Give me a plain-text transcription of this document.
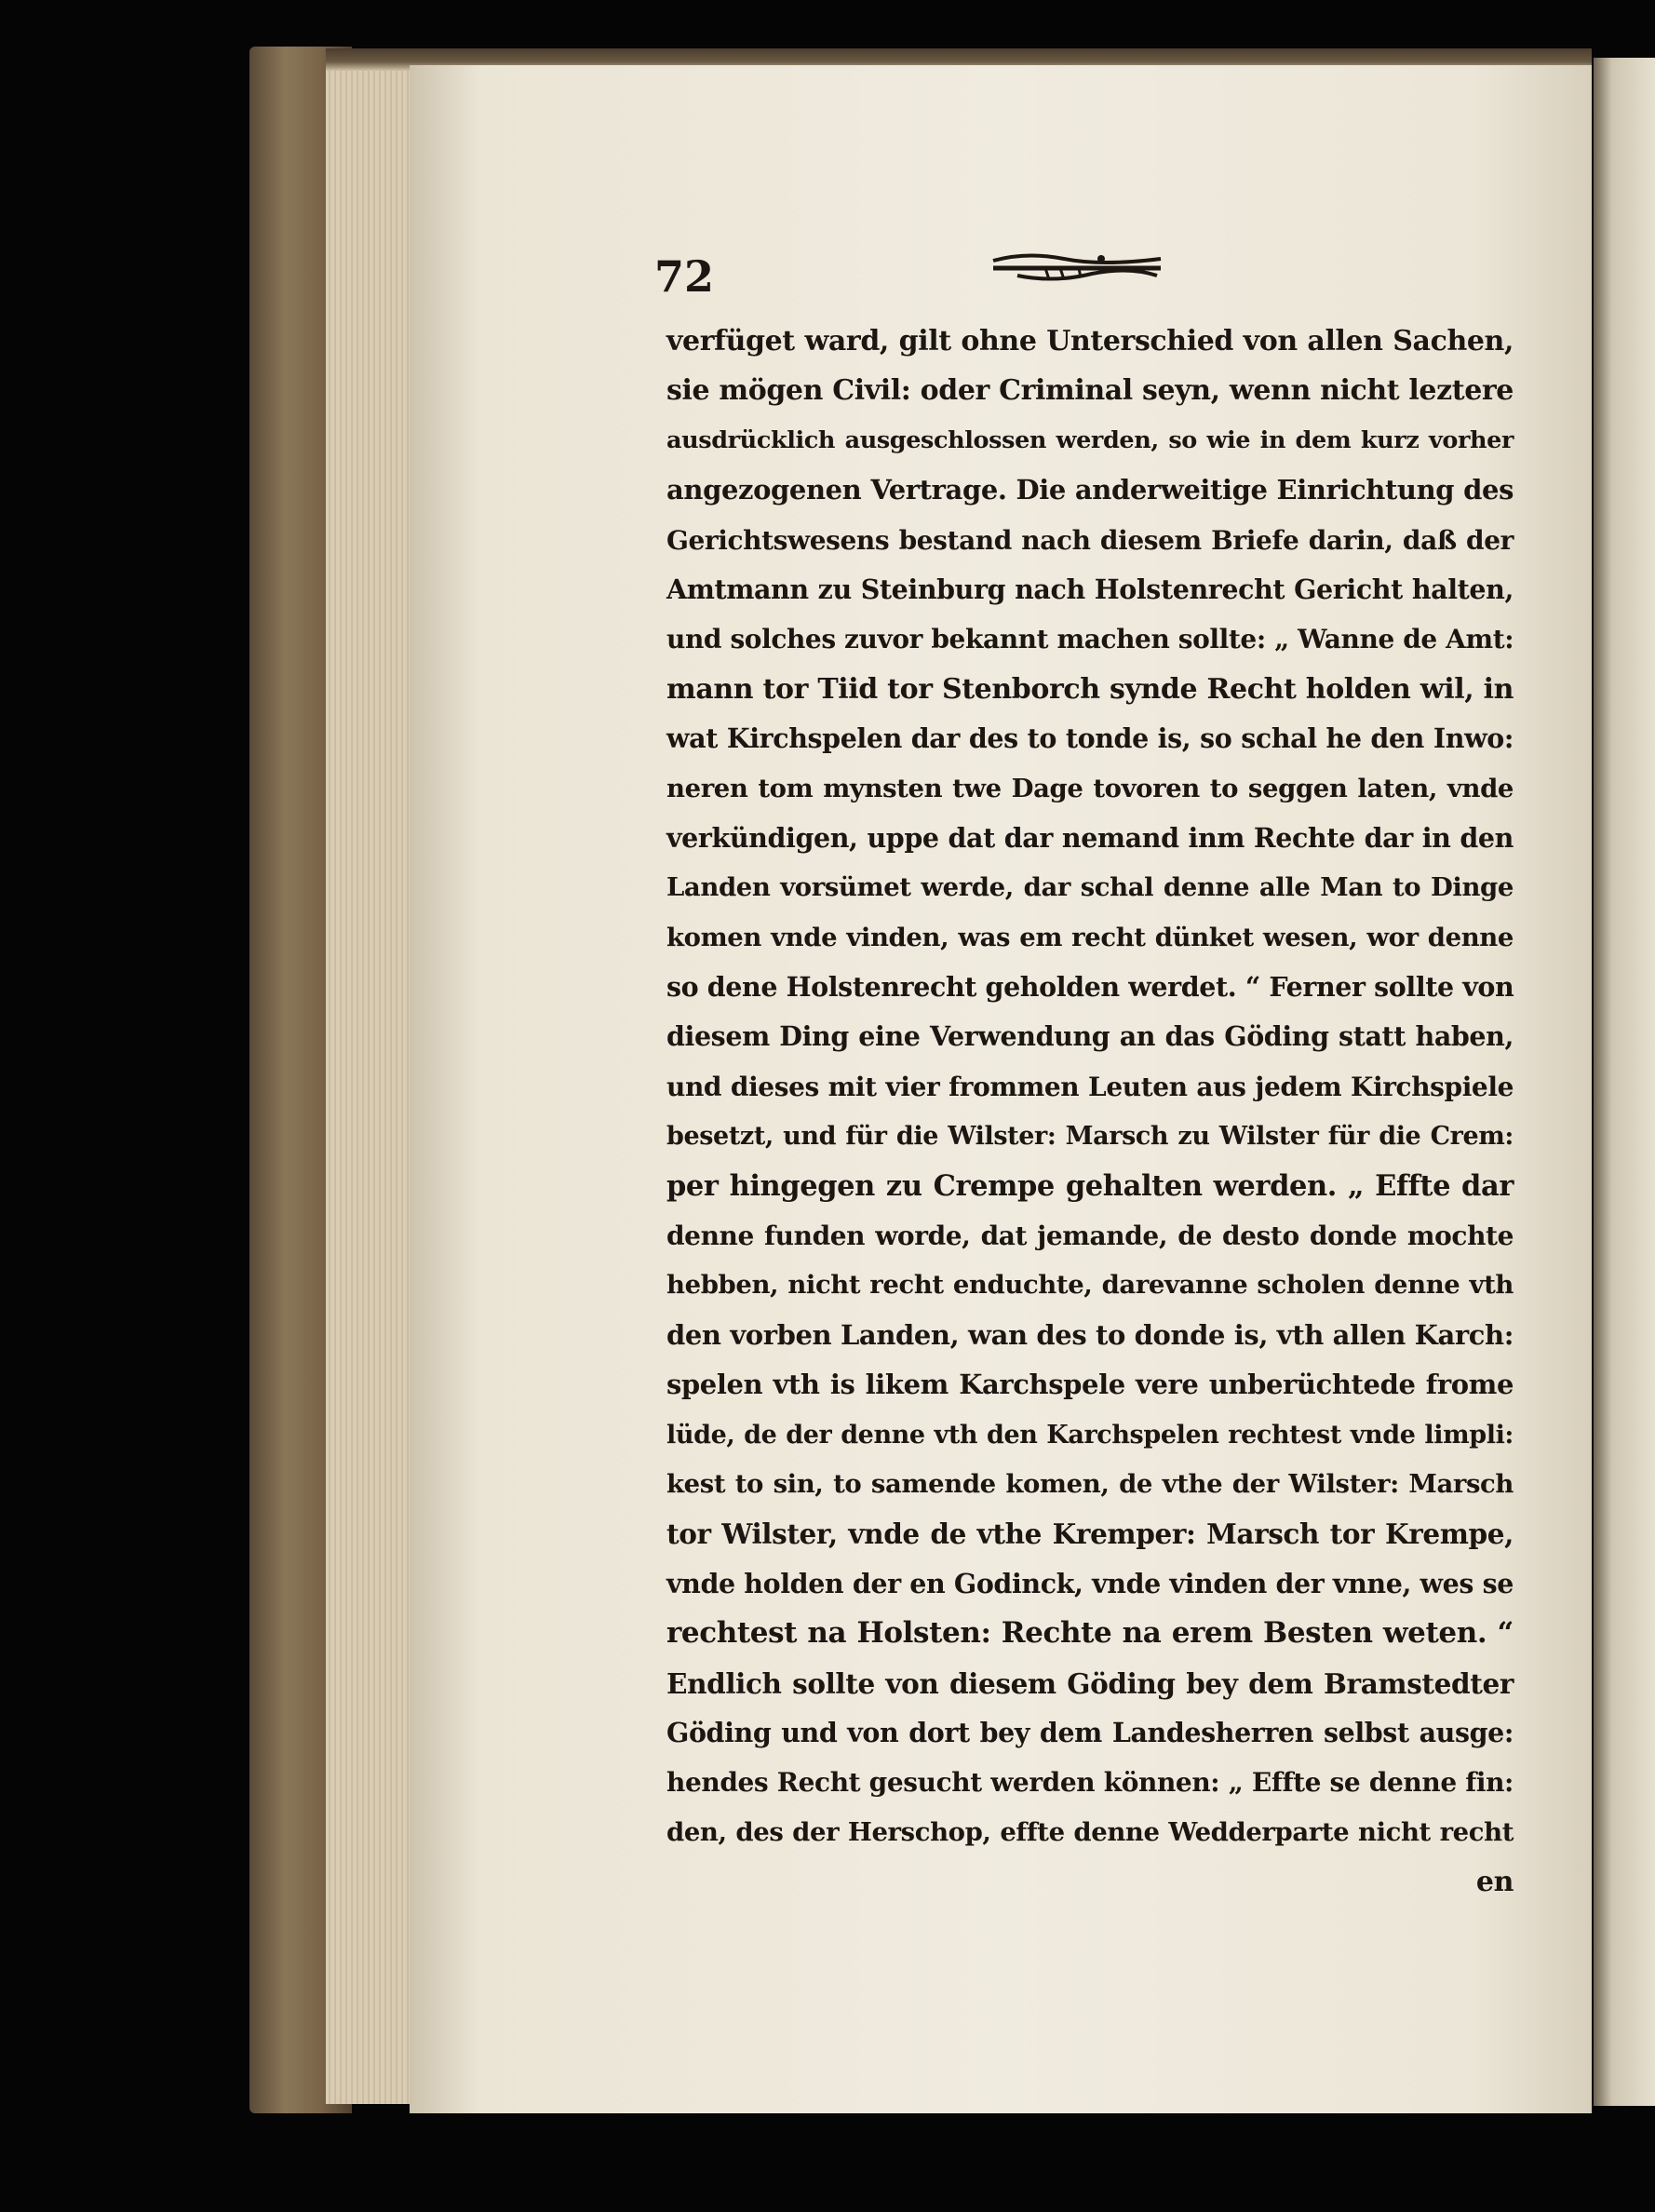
72
verfüget ward, gilt ohne Unterschied von allen Sachen,
sie mögen Civil: oder Criminal seyn, wenn nicht leztere
ausdrücklich ausgeschlossen werden, so wie in dem kurz vorher
angezogenen Vertrage. Die anderweitige Einrichtung des
Gerichtswesens bestand nach diesem Briefe darin, daß der
Amtmann zu Steinburg nach Holstenrecht Gericht halten,
und solches zuvor bekannt machen sollte: „ Wanne de Amt:
mann tor Tiid tor Stenborch synde Recht holden wil, in
wat Kirchspelen dar des to tonde is, so schal he den Inwo:
neren tom mynsten twe Dage tovoren to seggen laten, vnde
verkündigen, uppe dat dar nemand inm Rechte dar in den
Landen vorsümet werde, dar schal denne alle Man to Dinge
komen vnde vinden, was em recht dünket wesen, wor denne
so dene Holstenrecht geholden werdet. “ Ferner sollte von
diesem Ding eine Verwendung an das Göding statt haben,
und dieses mit vier frommen Leuten aus jedem Kirchspiele
besetzt, und für die Wilster: Marsch zu Wilster für die Crem:
per hingegen zu Crempe gehalten werden. „ Effte dar
denne funden worde, dat jemande, de desto donde mochte
hebben, nicht recht enduchte, darevanne scholen denne vth
den vorben Landen, wan des to donde is, vth allen Karch:
spelen vth is likem Karchspele vere unberüchtede frome
lüde, de der denne vth den Karchspelen rechtest vnde limpli:
kest to sin, to samende komen, de vthe der Wilster: Marsch
tor Wilster, vnde de vthe Kremper: Marsch tor Krempe,
vnde holden der en Godinck, vnde vinden der vnne, wes se
rechtest na Holsten: Rechte na erem Besten weten. “
Endlich sollte von diesem Göding bey dem Bramstedter
Göding und von dort bey dem Landesherren selbst ausge:
hendes Recht gesucht werden können: „ Effte se denne fin:
den, des der Herschop, effte denne Wedderparte nicht recht
en
